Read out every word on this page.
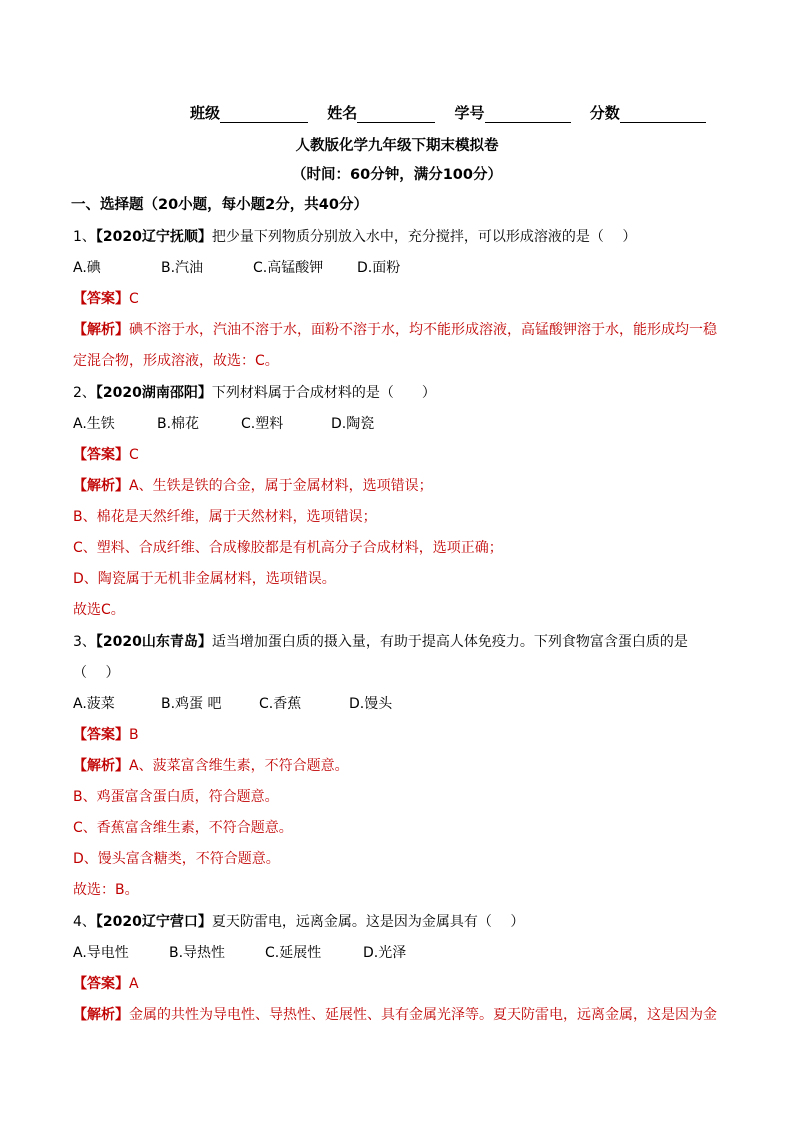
班级	姓名	学号	分数
人教版化学九年级下期末模拟卷
（时间：60分钟，满分100分）
一、选择题（20小题，每小题2分，共40分）
1、【2020辽宁抚顺】把少量下列物质分别放入水中，充分搅拌，可以形成溶液的是（　 ）
A.碘	B.汽油	C.高锰酸钾 D.面粉
【答案】C
【解析】碘不溶于水，汽油不溶于水，面粉不溶于水，均不能形成溶液，高锰酸钾溶于水，能形成均一稳
定混合物，形成溶液，故选：C。
2、【2020湖南邵阳】下列材料属于合成材料的是（　　）
A.生铁	B.棉花	C.塑料	D.陶瓷
【答案】C
【解析】A、生铁是铁的合金，属于金属材料，选项错误；
B、棉花是天然纤维，属于天然材料，选项错误；
C、塑料、合成纤维、合成橡胶都是有机高分子合成材料，选项正确；
D、陶瓷属于无机非金属材料，选项错误。
故选C。
3、【2020山东青岛】适当增加蛋白质的摄入量，有助于提高人体免疫力。下列食物富含蛋白质的是
（　 ）
A.菠菜	B.鸡蛋 吧	C.香蕉	D.馒头
【答案】B
【解析】A、菠菜富含维生素，不符合题意。
B、鸡蛋富含蛋白质，符合题意。
C、香蕉富含维生素，不符合题意。
D、馒头富含糖类，不符合题意。
故选：B。
4、【2020辽宁营口】夏天防雷电，远离金属。这是因为金属具有（　 ）
A.导电性	B.导热性	C.延展性	D.光泽
【答案】A
【解析】金属的共性为导电性、导热性、延展性、具有金属光泽等。夏天防雷电，远离金属，这是因为金
